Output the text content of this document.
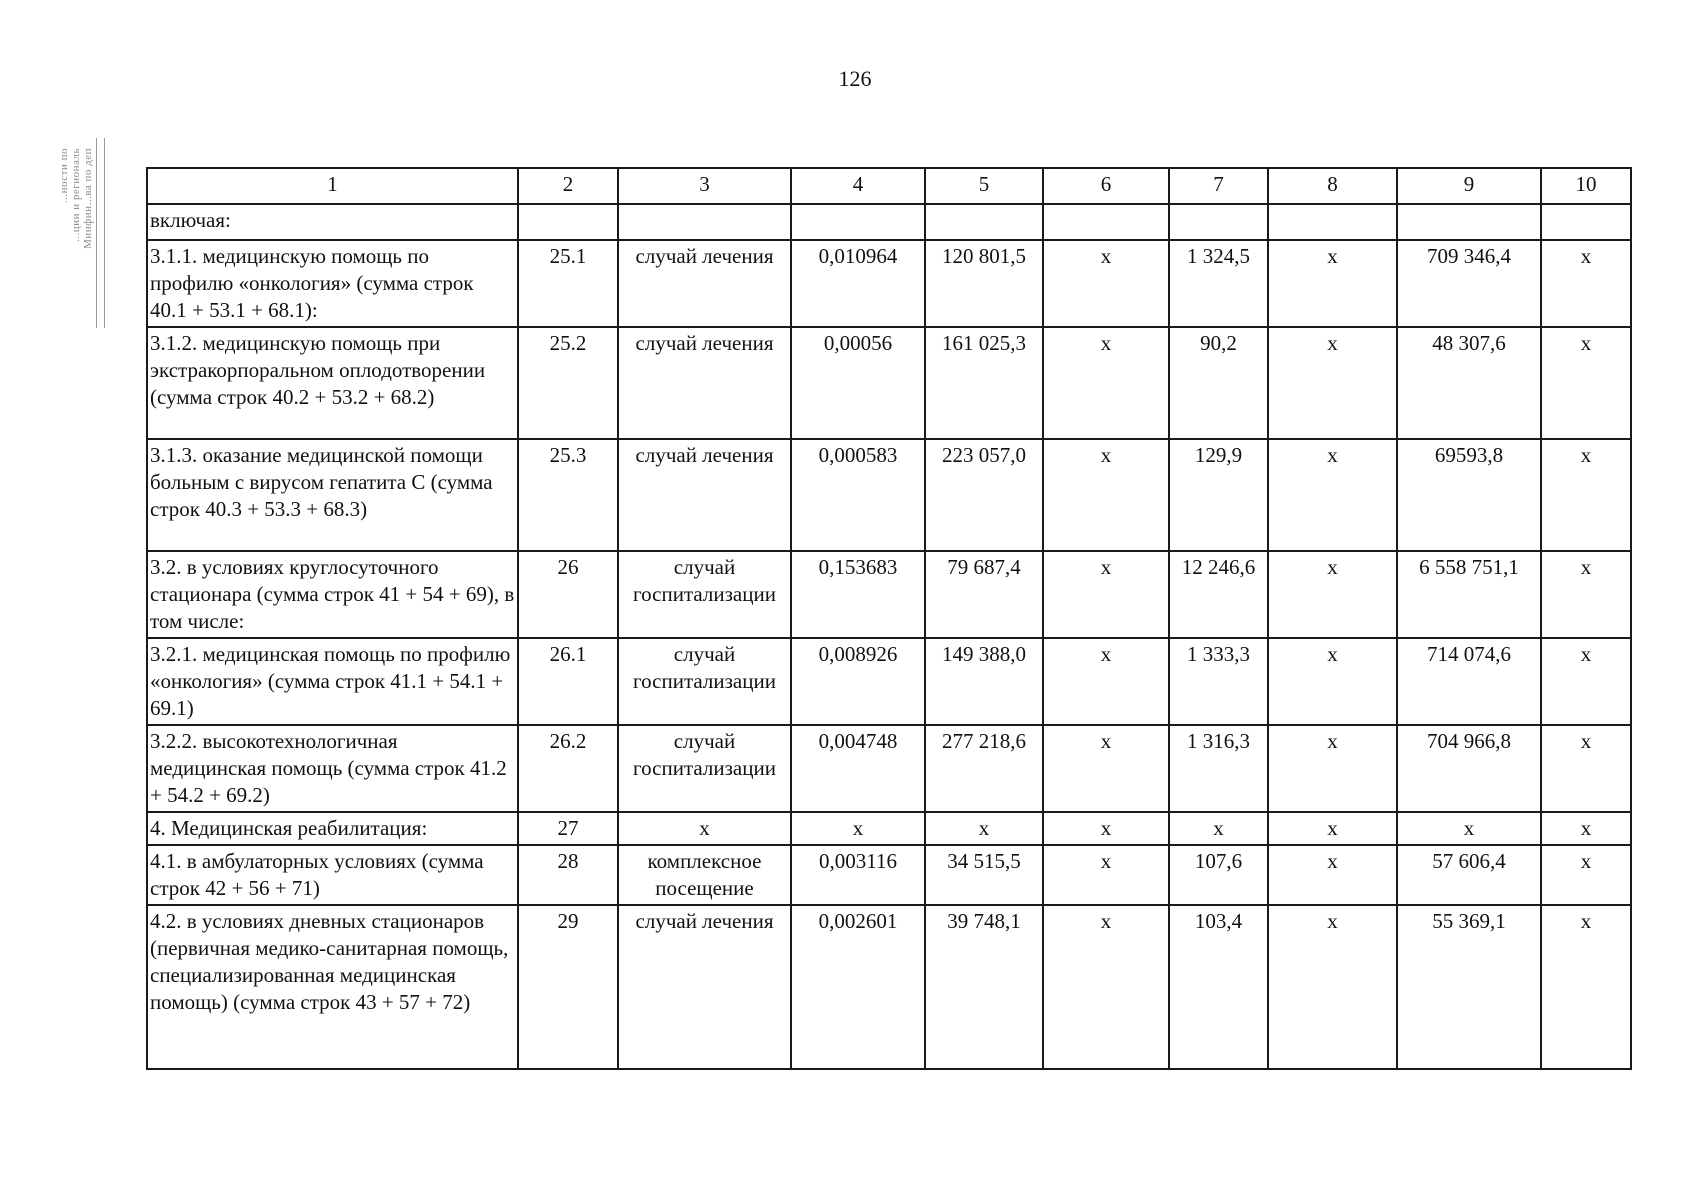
126
Минфин...ва по деп
...ции и региональ
...ности по	1	2	3	4	5	6	7	8	9	10
включая:									
3.1.1. медицинскую помощь по профилю «онкология» (сумма строк 40.1 + 53.1 + 68.1):	25.1	случай лечения	0,010964	120 801,5	x	1 324,5	x	709 346,4	x
3.1.2. медицинскую помощь при экстракорпоральном оплодотворении (сумма строк 40.2 + 53.2 + 68.2)	25.2	случай лечения	0,00056	161 025,3	x	90,2	x	48 307,6	x
3.1.3. оказание медицинской помощи больным с вирусом гепатита С (сумма строк 40.3 + 53.3 + 68.3)	25.3	случай лечения	0,000583	223 057,0	x	129,9	x	69593,8	x
3.2. в условиях круглосуточного стационара (сумма строк 41 + 54 + 69), в том числе:	26	случай госпитализации	0,153683	79 687,4	x	12 246,6	x	6 558 751,1	x
3.2.1. медицинская помощь по профилю «онкология» (сумма строк 41.1 + 54.1 + 69.1)	26.1	случай госпитализации	0,008926	149 388,0	x	1 333,3	x	714 074,6	x
3.2.2. высокотехнологичная медицинская помощь (сумма строк 41.2 + 54.2 + 69.2)	26.2	случай госпитализации	0,004748	277 218,6	x	1 316,3	x	704 966,8	x
4. Медицинская реабилитация:	27	x	x	x	x	x	x	x	x
4.1. в амбулаторных условиях (сумма строк 42 + 56 + 71)	28	комплексное посещение	0,003116	34 515,5	x	107,6	x	57 606,4	x
4.2. в условиях дневных стационаров (первичная медико-санитарная помощь, специализированная медицинская помощь) (сумма строк 43 + 57 + 72)	29	случай лечения	0,002601	39 748,1	x	103,4	x	55 369,1	x
